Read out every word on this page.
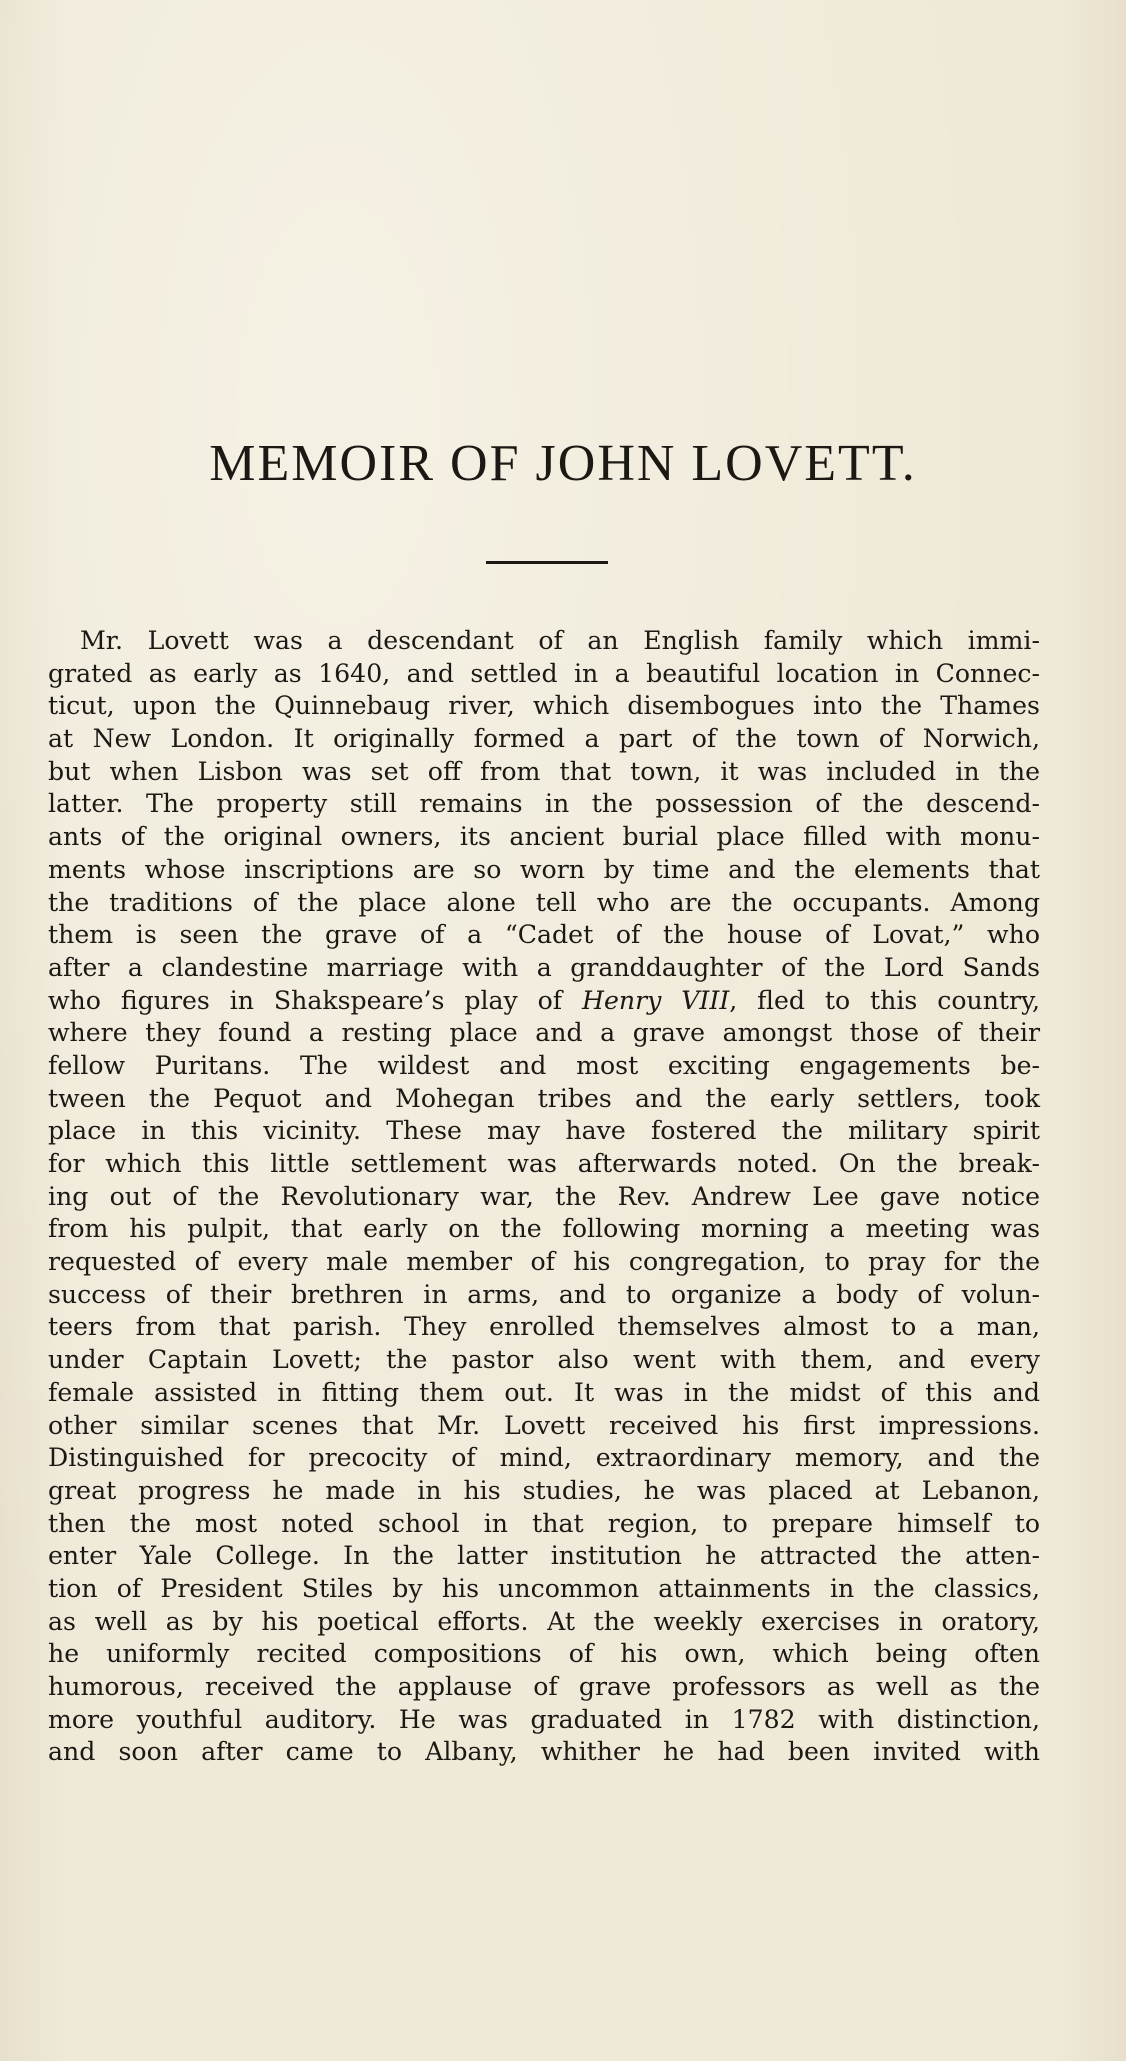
MEMOIR OF JOHN LOVETT.
Mr. Lovett was a descendant of an English family which immi-
grated as early as 1640, and settled in a beautiful location in Connec-
ticut, upon the Quinnebaug river, which disembogues into the Thames
at New London. It originally formed a part of the town of Norwich,
but when Lisbon was set off from that town, it was included in the
latter. The property still remains in the possession of the descend-
ants of the original owners, its ancient burial place filled with monu-
ments whose inscriptions are so worn by time and the elements that
the traditions of the place alone tell who are the occupants. Among
them is seen the grave of a “Cadet of the house of Lovat,” who
after a clandestine marriage with a granddaughter of the Lord Sands
who figures in Shakspeare’s play of Henry VIII, fled to this country,
where they found a resting place and a grave amongst those of their
fellow Puritans. The wildest and most exciting engagements be-
tween the Pequot and Mohegan tribes and the early settlers, took
place in this vicinity. These may have fostered the military spirit
for which this little settlement was afterwards noted. On the break-
ing out of the Revolutionary war, the Rev. Andrew Lee gave notice
from his pulpit, that early on the following morning a meeting was
requested of every male member of his congregation, to pray for the
success of their brethren in arms, and to organize a body of volun-
teers from that parish. They enrolled themselves almost to a man,
under Captain Lovett; the pastor also went with them, and every
female assisted in fitting them out. It was in the midst of this and
other similar scenes that Mr. Lovett received his first impressions.
Distinguished for precocity of mind, extraordinary memory, and the
great progress he made in his studies, he was placed at Lebanon,
then the most noted school in that region, to prepare himself to
enter Yale College. In the latter institution he attracted the atten-
tion of President Stiles by his uncommon attainments in the classics,
as well as by his poetical efforts. At the weekly exercises in oratory,
he uniformly recited compositions of his own, which being often
humorous, received the applause of grave professors as well as the
more youthful auditory. He was graduated in 1782 with distinction,
and soon after came to Albany, whither he had been invited with
